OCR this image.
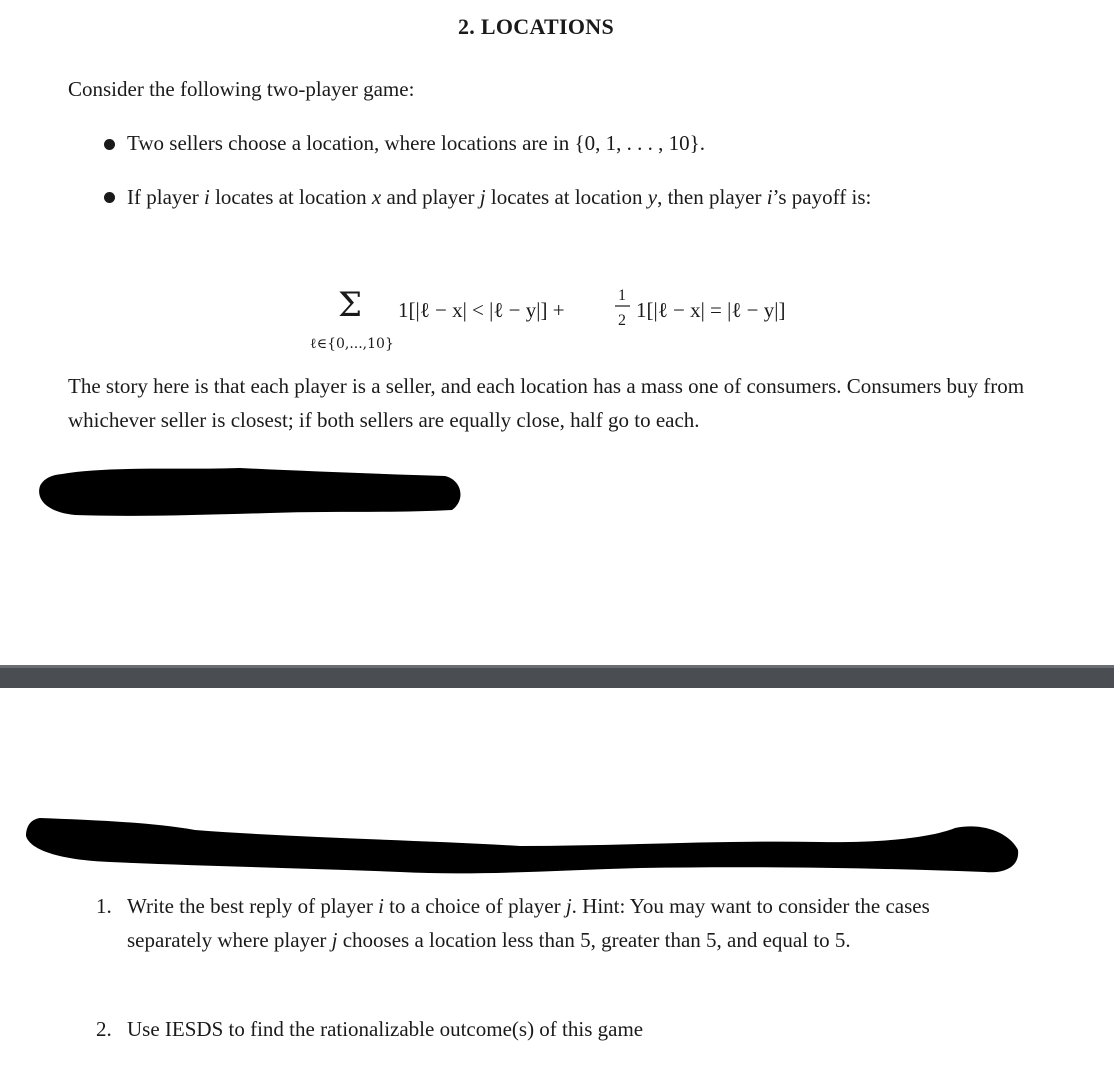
2. LOCATIONS
Consider the following two-player game:
Two sellers choose a location, where locations are in {0, 1, . . . , 10}.
If player i locates at location x and player j locates at location y, then player i’s payoff is:
Σ
ℓ∈{0,...,10}
1[|ℓ − x| < |ℓ − y|] +
1
2 1[|ℓ − x| = |ℓ − y|]
The story here is that each player is a seller, and each location has a mass one of consumers. Consumers buy from whichever seller is closest; if both sellers are equally close, half go to each.
1. Write the best reply of player i to a choice of player j. Hint: You may want to consider the cases separately where player j chooses a location less than 5, greater than 5, and equal to 5.
2. Use IESDS to find the rationalizable outcome(s) of this game
